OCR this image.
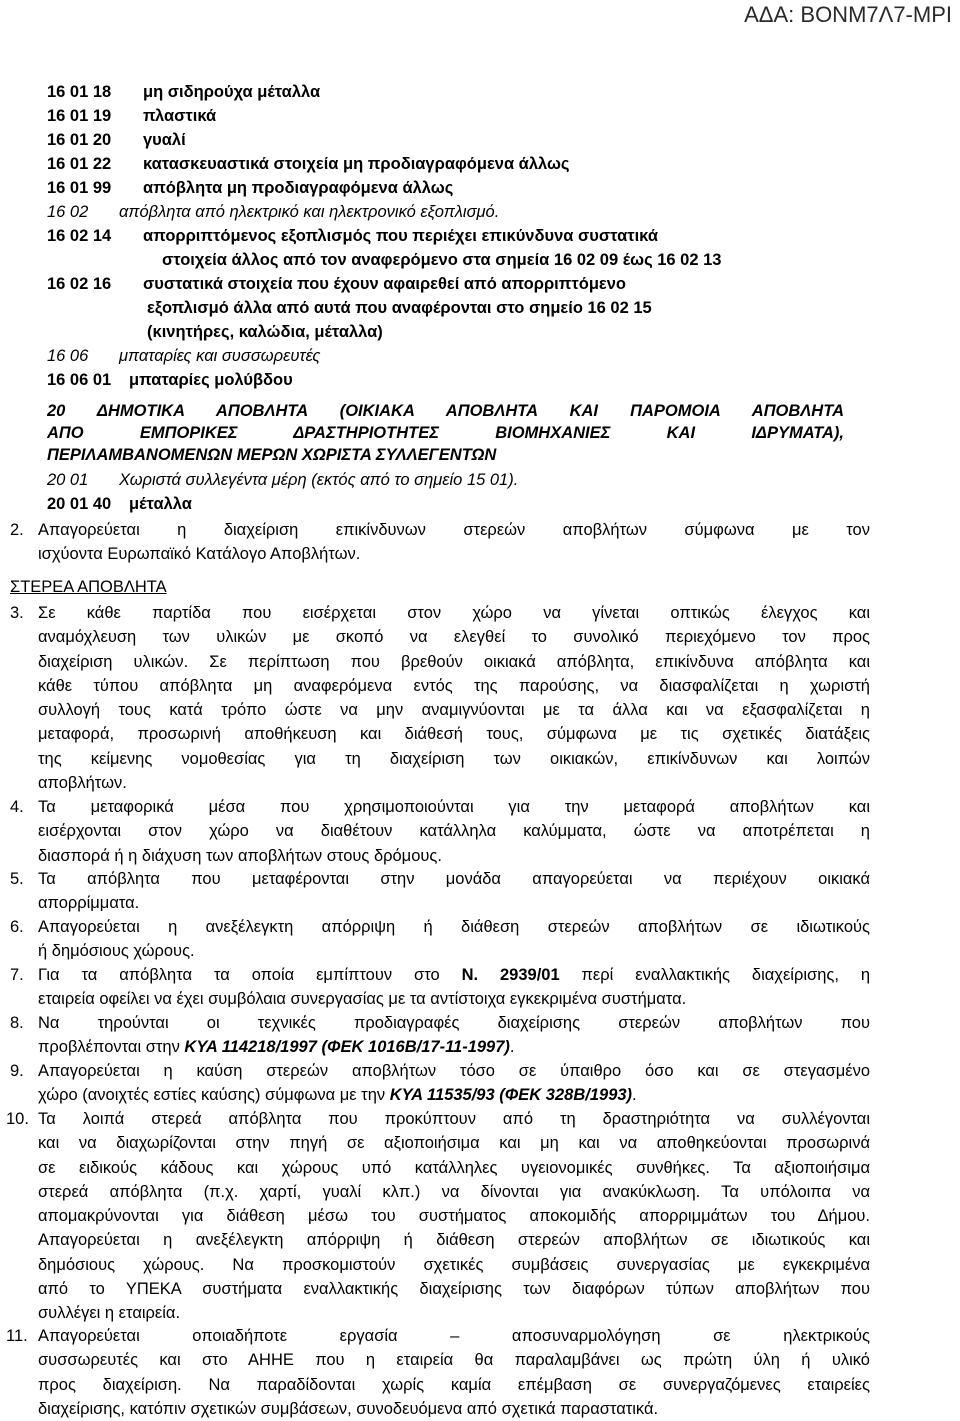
ΑΔΑ: ΒΟΝΜ7Λ7-ΜΡΙ
16 01 18 μη σιδηρούχα μέταλλα
16 01 19 πλαστικά
16 01 20 γυαλί
16 01 22 κατασκευαστικά στοιχεία μη προδιαγραφόμενα άλλως
16 01 99 απόβλητα μη προδιαγραφόμενα άλλως
16 02 απόβλητα από ηλεκτρικό και ηλεκτρονικό εξοπλισμό.
16 02 14 απορριπτόμενος εξοπλισμός που περιέχει επικύνδυνα συστατικά
στοιχεία άλλος από τον αναφερόμενο στα σημεία 16 02 09 έως 16 02 13
16 02 16 συστατικά στοιχεία που έχουν αφαιρεθεί από απορριπτόμενο
εξοπλισμό άλλα από αυτά που αναφέρονται στο σημείο 16 02 15
(κινητήρες, καλώδια, μέταλλα)
16 06 μπαταρίες και συσσωρευτές
16 06 01 μπαταρίες μολύβδου
20 ΔΗΜΟΤΙΚΑ ΑΠΟΒΛΗΤΑ (ΟΙΚΙΑΚΑ ΑΠΟΒΛΗΤΑ ΚΑΙ ΠΑΡΟΜΟΙΑ ΑΠΟΒΛΗΤΑ
ΑΠΟ ΕΜΠΟΡΙΚΕΣ ΔΡΑΣΤΗΡΙΟΤΗΤΕΣ ΒΙΟΜΗΧΑΝΙΕΣ ΚΑΙ ΙΔΡΥΜΑΤΑ),
ΠΕΡΙΛΑΜΒΑΝΟΜΕΝΩΝ ΜΕΡΩΝ ΧΩΡΙΣΤΑ ΣΥΛΛΕΓΕΝΤΩΝ
20 01 Χωριστά συλλεγέντα μέρη (εκτός από το σημείο 15 01).
20 01 40 μέταλλα
2. Απαγορεύεται η διαχείριση επικίνδυνων στερεών αποβλήτων σύμφωνα με τον
ισχύοντα Ευρωπαϊκό Κατάλογο Αποβλήτων.
ΣΤΕΡΕΑ ΑΠΟΒΛΗΤΑ
3. Σε κάθε παρτίδα που εισέρχεται στον χώρο να γίνεται οπτικώς έλεγχος και
αναμόχλευση των υλικών με σκοπό να ελεγθεί το συνολικό περιεχόμενο τον προς
διαχείριση υλικών. Σε περίπτωση που βρεθούν οικιακά απόβλητα, επικίνδυνα απόβλητα και
κάθε τύπου απόβλητα μη αναφερόμενα εντός της παρούσης, να διασφαλίζεται η χωριστή
συλλογή τους κατά τρόπο ώστε να μην αναμιγνύονται με τα άλλα και να εξασφαλίζεται η
μεταφορά, προσωρινή αποθήκευση και διάθεσή τους, σύμφωνα με τις σχετικές διατάξεις
της κείμενης νομοθεσίας για τη διαχείριση των οικιακών, επικίνδυνων και λοιπών
αποβλήτων.
4. Τα μεταφορικά μέσα που χρησιμοποιούνται για την μεταφορά αποβλήτων και
εισέρχονται στον χώρο να διαθέτουν κατάλληλα καλύμματα, ώστε να αποτρέπεται η
διασπορά ή η διάχυση των αποβλήτων στους δρόμους.
5. Τα απόβλητα που μεταφέρονται στην μονάδα απαγορεύεται να περιέχουν οικιακά
απορρίμματα.
6. Απαγορεύεται η ανεξέλεγκτη απόρριψη ή διάθεση στερεών αποβλήτων σε ιδιωτικούς
ή δημόσιους χώρους.
7. Για τα απόβλητα τα οποία εμπίπτουν στο Ν. 2939/01 περί εναλλακτικής διαχείρισης, η
εταιρεία οφείλει να έχει συμβόλαια συνεργασίας με τα αντίστοιχα εγκεκριμένα συστήματα.
8. Να τηρούνται οι τεχνικές προδιαγραφές διαχείρισης στερεών αποβλήτων που
προβλέπονται στην ΚΥΑ 114218/1997 (ΦΕΚ 1016Β/17-11-1997).
9. Απαγορεύεται η καύση στερεών αποβλήτων τόσο σε ύπαιθρο όσο και σε στεγασμένο
χώρο (ανοιχτές εστίες καύσης) σύμφωνα με την ΚΥΑ 11535/93 (ΦΕΚ 328Β/1993).
10. Τα λοιπά στερεά απόβλητα που προκύπτουν από τη δραστηριότητα να συλλέγονται
και να διαχωρίζονται στην πηγή σε αξιοποιήσιμα και μη και να αποθηκεύονται προσωρινά
σε ειδικούς κάδους και χώρους υπό κατάλληλες υγειονομικές συνθήκες. Τα αξιοποιήσιμα
στερεά απόβλητα (π.χ. χαρτί, γυαλί κλπ.) να δίνονται για ανακύκλωση. Τα υπόλοιπα να
απομακρύνονται για διάθεση μέσω του συστήματος αποκομιδής απορριμμάτων του Δήμου.
Απαγορεύεται η ανεξέλεγκτη απόρριψη ή διάθεση στερεών αποβλήτων σε ιδιωτικούς και
δημόσιους χώρους. Να προσκομιστούν σχετικές συμβάσεις συνεργασίας με εγκεκριμένα
από το ΥΠΕΚΑ συστήματα εναλλακτικής διαχείρισης των διαφόρων τύπων αποβλήτων που
συλλέγει η εταιρεία.
11. Απαγορεύεται οποιαδήποτε εργασία – αποσυναρμολόγηση σε ηλεκτρικούς
συσσωρευτές και στο ΑΗΗΕ που η εταιρεία θα παραλαμβάνει ως πρώτη ύλη ή υλικό
προς διαχείριση. Να παραδίδονται χωρίς καμία επέμβαση σε συνεργαζόμενες εταιρείες
διαχείρισης, κατόπιν σχετικών συμβάσεων, συνοδευόμενα από σχετικά παραστατικά.
